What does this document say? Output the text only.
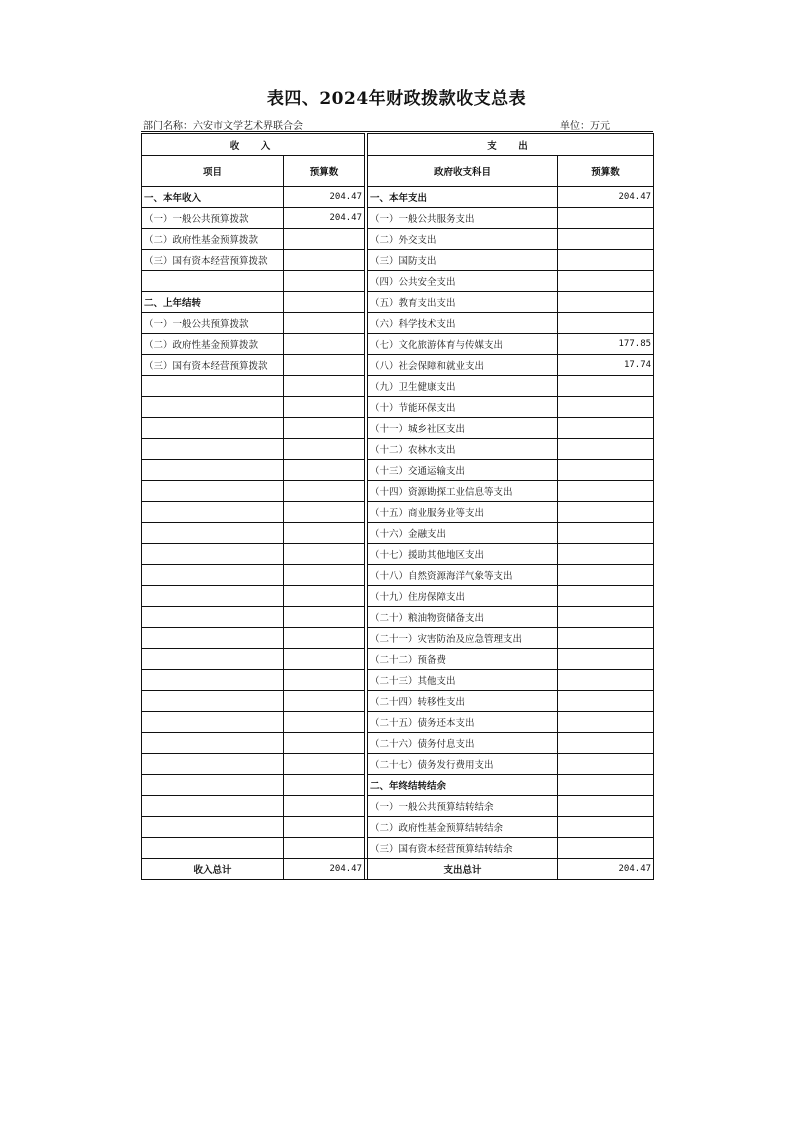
表四、2024年财政拨款收支总表
部门名称：六安市文学艺术界联合会	单位：万元
收　入			支　出	
项目	预算数		政府收支科目	预算数
一、本年收入	204.47		一、本年支出	204.47
（一）一般公共预算拨款	204.47		（一）一般公共服务支出	
（二）政府性基金预算拨款			（二）外交支出	
（三）国有资本经营预算拨款			（三）国防支出	
			（四）公共安全支出	
二、上年结转			（五）教育支出支出	
（一）一般公共预算拨款			（六）科学技术支出	
（二）政府性基金预算拨款			（七）文化旅游体育与传媒支出	177.85
（三）国有资本经营预算拨款			（八）社会保障和就业支出	17.74
			（九）卫生健康支出	
			（十）节能环保支出	
			（十一）城乡社区支出	
			（十二）农林水支出	
			（十三）交通运输支出	
			（十四）资源勘探工业信息等支出	
			（十五）商业服务业等支出	
			（十六）金融支出	
			（十七）援助其他地区支出	
			（十八）自然资源海洋气象等支出	
			（十九）住房保障支出	
			（二十）粮油物资储备支出	
			（二十一）灾害防治及应急管理支出	
			（二十二）预备费	
			（二十三）其他支出	
			（二十四）转移性支出	
			（二十五）债务还本支出	
			（二十六）债务付息支出	
			（二十七）债务发行费用支出	
			二、年终结转结余	
			（一）一般公共预算结转结余	
			（二）政府性基金预算结转结余	
			（三）国有资本经营预算结转结余	
收入总计	204.47		支出总计	204.47
